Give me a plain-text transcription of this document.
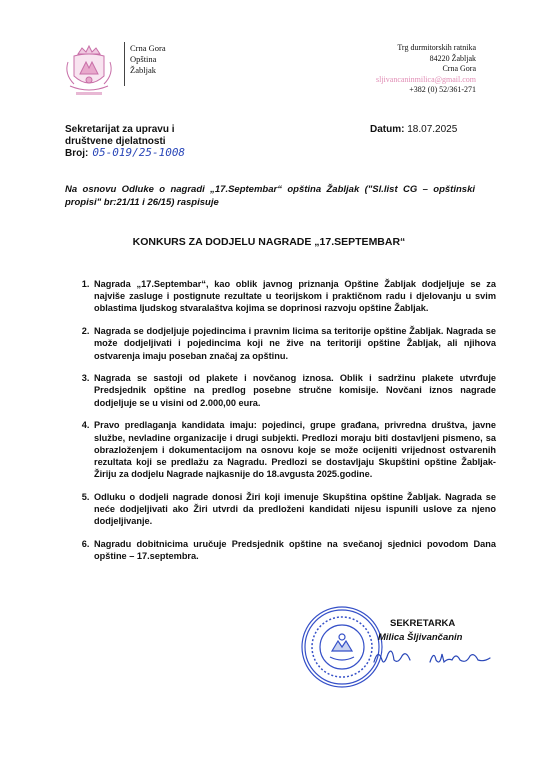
Crna Gora
Opština
Žabljak
Trg durmitorskih ratnika
84220 Žabljak
Crna Gora
sljivancaninmilica@gmail.com
+382 (0) 52/361-271
Sekretarijat za upravu i društvene djelatnosti
Broj: 05-019/25-1008
Datum: 18.07.2025
Na osnovu Odluke o nagradi „17.Septembar“ opština Žabljak ("Sl.list CG – opštinski propisi" br:21/11 i 26/15) raspisuje
KONKURS ZA DODJELU NAGRADE „17.SEPTEMBAR“
1. Nagrada „17.Septembar“, kao oblik javnog priznanja Opštine Žabljak dodjeljuje se za najviše zasluge i postignute rezultate u teorijskom i praktičnom radu i djelovanju u svim oblastima ljudskog stvaralaštva kojima se doprinosi razvoju opštine Žabljak.
2. Nagrada se dodjeljuje pojedincima i pravnim licima sa teritorije opštine Žabljak. Nagrada se može dodjeljivati i pojedincima koji ne žive na teritoriji opštine Žabljak, ali njihova ostvarenja imaju poseban značaj za opštinu.
3. Nagrada se sastoji od plakete i novčanog iznosa. Oblik i sadržinu plakete utvrđuje Predsjednik opštine na predlog posebne stručne komisije. Novčani iznos nagrade dodjeljuje se u visini od 2.000,00 eura.
4. Pravo predlaganja kandidata imaju: pojedinci, grupe građana, privredna društva, javne službe, nevladine organizacije i drugi subjekti. Predlozi moraju biti dostavljeni pismeno, sa obrazloženjem i dokumentacijom na osnovu koje se može ocijeniti vrijednost ostvarenih rezultata koji se predlažu za Nagradu. Predlozi se dostavljaju Skupštini opštine Žabljak-Žiriju za dodjelu Nagrade najkasnije do 18.avgusta 2025.godine.
5. Odluku o dodjeli nagrade donosi Žiri koji imenuje Skupština opštine Žabljak. Nagrada se neće dodjeljivati ako Žiri utvrdi da predloženi kandidati nijesu ispunili uslove za njeno dodjeljivanje.
6. Nagradu dobitnicima uručuje Predsjednik opštine na svečanoj sjednici povodom Dana opštine – 17.septembra.
SEKRETARKA
Milica Šljivančanin
